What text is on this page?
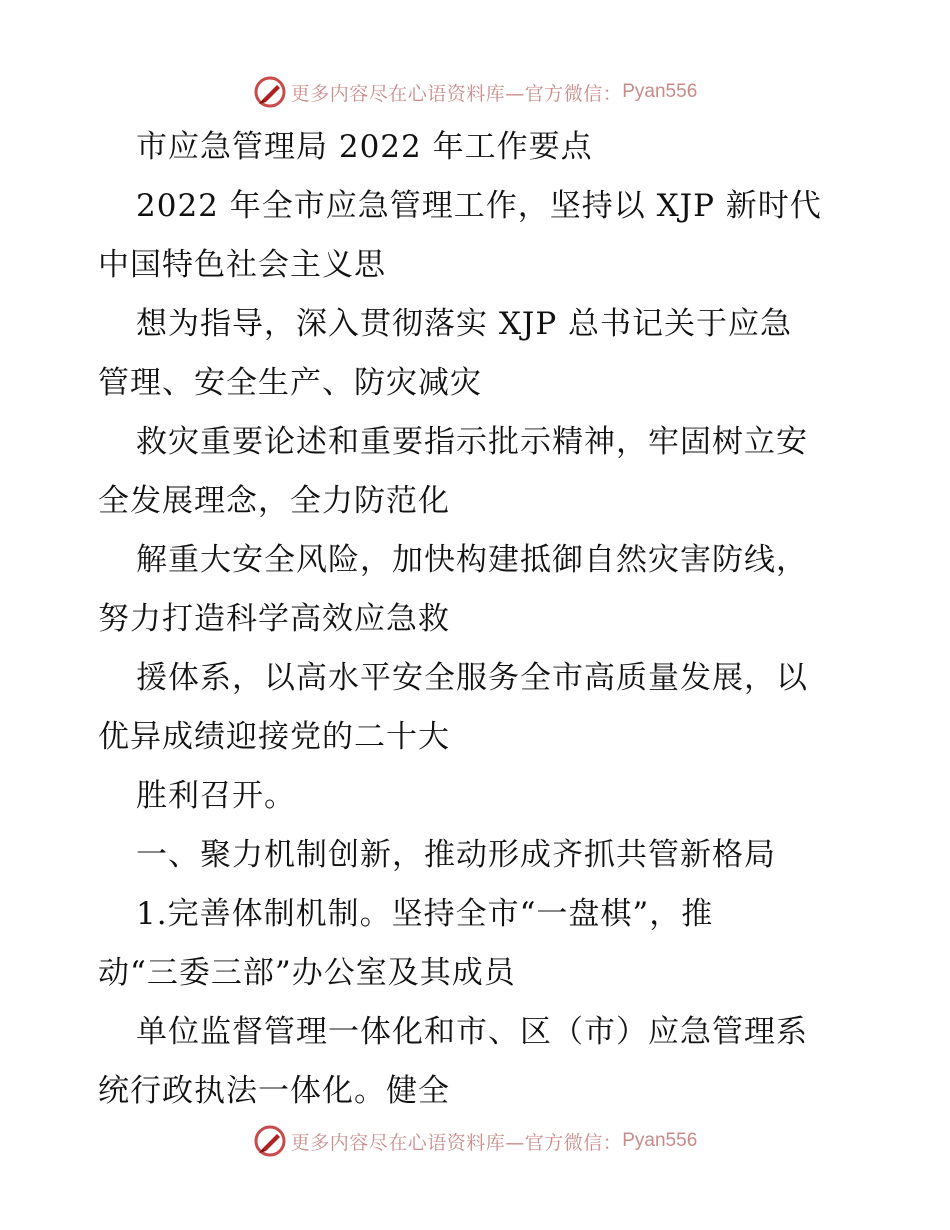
更多内容尽在心语资料库—官方微信： Pyan556
市应急管理局 2022 年工作要点
2022 年全市应急管理工作，坚持以 XJP 新时代
中国特色社会主义思
想为指导，深入贯彻落实 XJP 总书记关于应急
管理、安全生产、防灾减灾
救灾重要论述和重要指示批示精神，牢固树立安
全发展理念，全力防范化
解重大安全风险，加快构建抵御自然灾害防线，
努力打造科学高效应急救
援体系，以高水平安全服务全市高质量发展，以
优异成绩迎接党的二十大
胜利召开。
一、聚力机制创新，推动形成齐抓共管新格局
1.完善体制机制。坚持全市“一盘棋”，推
动“三委三部”办公室及其成员
单位监督管理一体化和市、区（市）应急管理系
统行政执法一体化。健全
更多内容尽在心语资料库—官方微信： Pyan556
